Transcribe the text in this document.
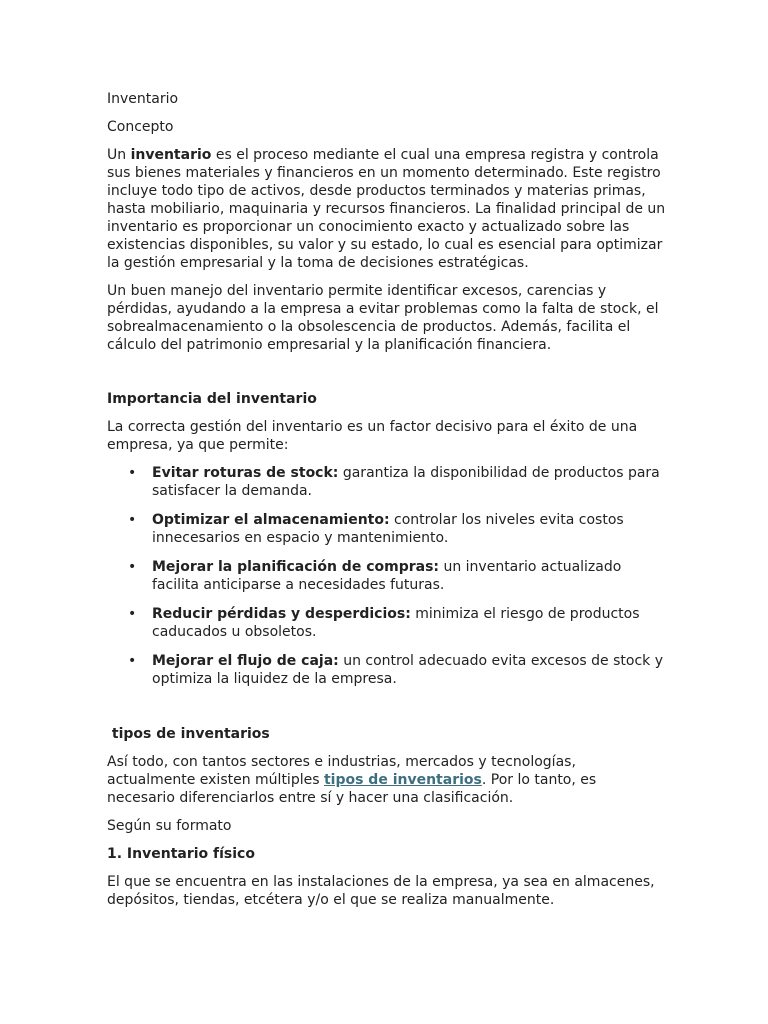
Inventario

Concepto

Un inventario es el proceso mediante el cual una empresa registra y controla sus bienes materiales y financieros en un momento determinado. Este registro incluye todo tipo de activos, desde productos terminados y materias primas, hasta mobiliario, maquinaria y recursos financieros. La finalidad principal de un inventario es proporcionar un conocimiento exacto y actualizado sobre las existencias disponibles, su valor y su estado, lo cual es esencial para optimizar la gestión empresarial y la toma de decisiones estratégicas.

Un buen manejo del inventario permite identificar excesos, carencias y pérdidas, ayudando a la empresa a evitar problemas como la falta de stock, el sobrealmacenamiento o la obsolescencia de productos. Además, facilita el cálculo del patrimonio empresarial y la planificación financiera.

Importancia del inventario

La correcta gestión del inventario es un factor decisivo para el éxito de una empresa, ya que permite:

• Evitar roturas de stock: garantiza la disponibilidad de productos para satisfacer la demanda.
• Optimizar el almacenamiento: controlar los niveles evita costos innecesarios en espacio y mantenimiento.
• Mejorar la planificación de compras: un inventario actualizado facilita anticiparse a necesidades futuras.
• Reducir pérdidas y desperdicios: minimiza el riesgo de productos caducados u obsoletos.
• Mejorar el flujo de caja: un control adecuado evita excesos de stock y optimiza la liquidez de la empresa.

tipos de inventarios

Así todo, con tantos sectores e industrias, mercados y tecnologías, actualmente existen múltiples tipos de inventarios. Por lo tanto, es necesario diferenciarlos entre sí y hacer una clasificación.

Según su formato

1. Inventario físico

El que se encuentra en las instalaciones de la empresa, ya sea en almacenes, depósitos, tiendas, etcétera y/o el que se realiza manualmente.
